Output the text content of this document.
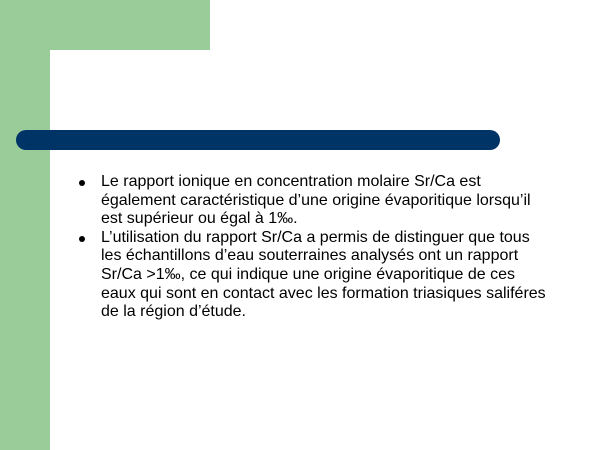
Le rapport ionique en concentration molaire Sr/Ca est également caractéristique d’une origine évaporitique lorsqu’il est supérieur ou égal à 1‰.
L’utilisation du rapport Sr/Ca a permis de distinguer que tous les échantillons d’eau souterraines analysés ont un rapport Sr/Ca >1‰, ce qui indique une origine évaporitique de ces eaux qui sont en contact avec les formation triasiques saliféres de la région d’étude.
